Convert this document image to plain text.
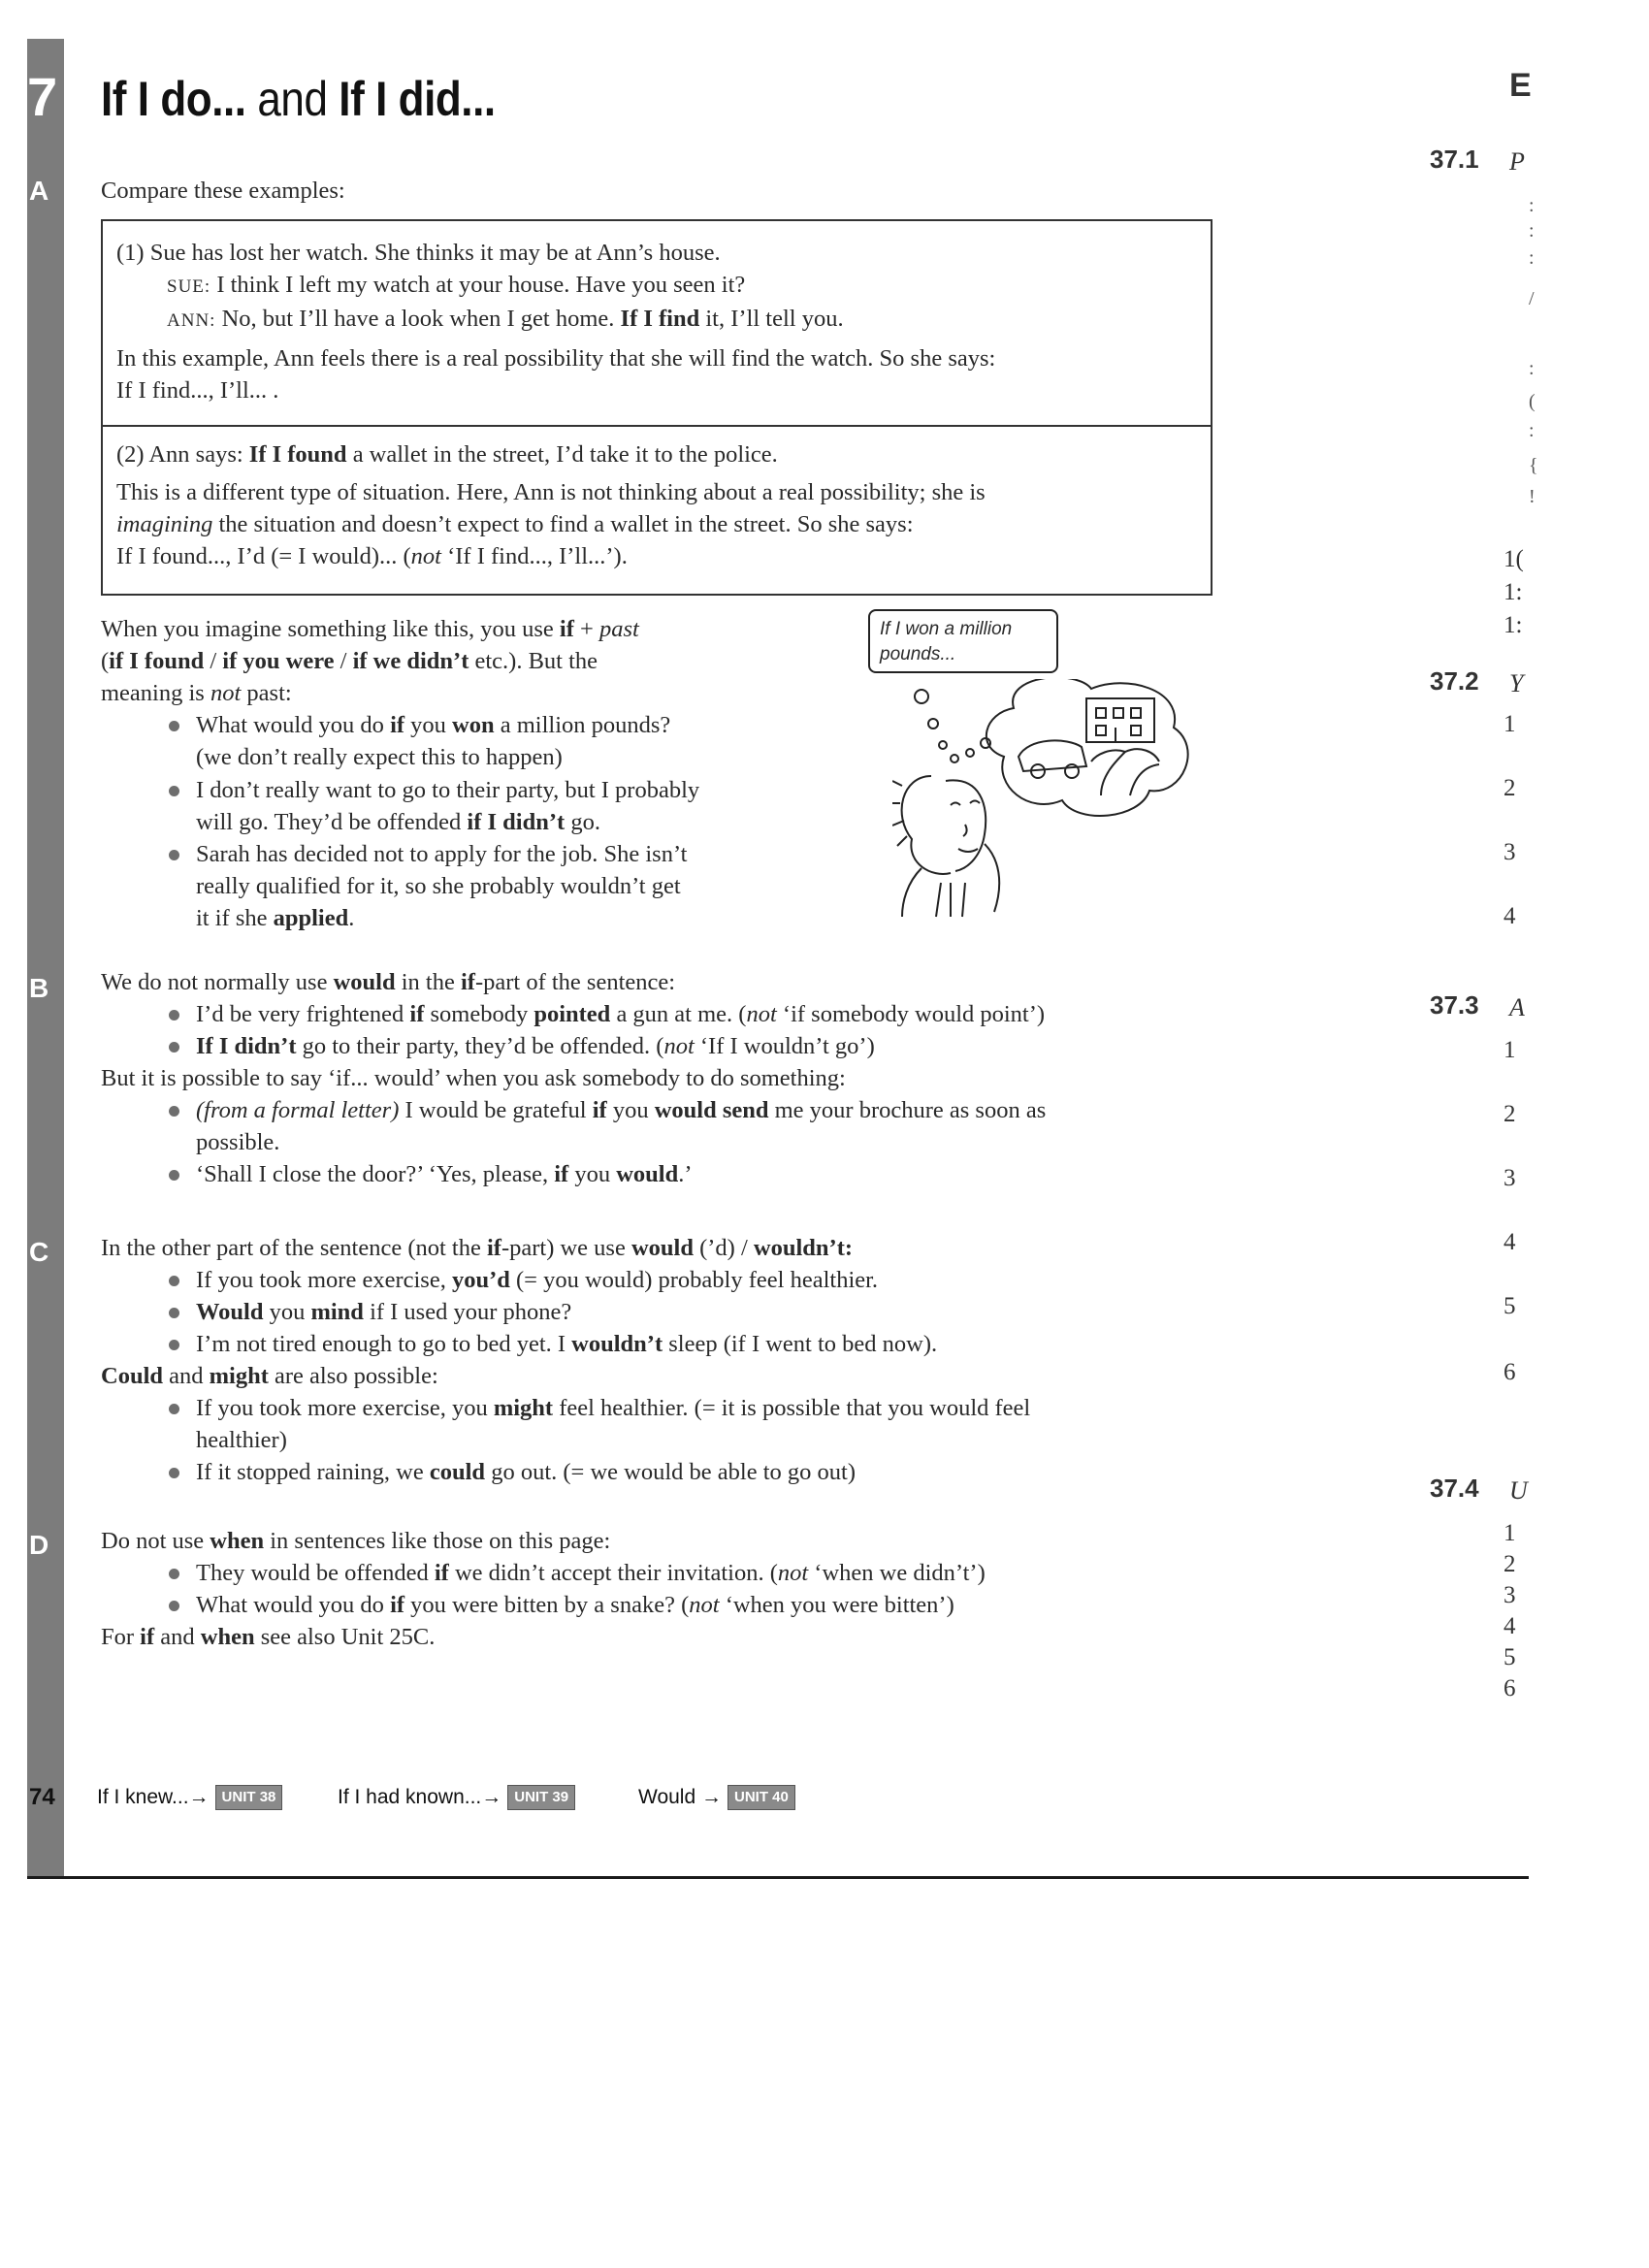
7
A
B
C
D
74
If I do... and If I did...
Compare these examples:
(1) Sue has lost her watch. She thinks it may be at Ann’s house.
SUE: I think I left my watch at your house. Have you seen it?
ANN: No, but I’ll have a look when I get home. If I find it, I’ll tell you.
In this example, Ann feels there is a real possibility that she will find the watch. So she says:
If I find..., I’ll... .
(2) Ann says: If I found a wallet in the street, I’d take it to the police.
This is a different type of situation. Here, Ann is not thinking about a real possibility; she is
imagining the situation and doesn’t expect to find a wallet in the street. So she says:
If I found..., I’d (= I would)... (not ‘If I find..., I’ll...’).
When you imagine something like this, you use if + past
(if I found / if you were / if we didn’t etc.). But the
meaning is not past:
What would you do if you won a million pounds?
(we don’t really expect this to happen)
I don’t really want to go to their party, but I probably
will go. They’d be offended if I didn’t go.
Sarah has decided not to apply for the job. She isn’t
really qualified for it, so she probably wouldn’t get
it if she applied.
If I won a million pounds...
We do not normally use would in the if-part of the sentence:
I’d be very frightened if somebody pointed a gun at me. (not ‘if somebody would point’)
If I didn’t go to their party, they’d be offended. (not ‘If I wouldn’t go’)
But it is possible to say ‘if... would’ when you ask somebody to do something:
(from a formal letter) I would be grateful if you would send me your brochure as soon as
possible.
‘Shall I close the door?’ ‘Yes, please, if you would.’
In the other part of the sentence (not the if-part) we use would (’d) / wouldn’t:
If you took more exercise, you’d (= you would) probably feel healthier.
Would you mind if I used your phone?
I’m not tired enough to go to bed yet. I wouldn’t sleep (if I went to bed now).
Could and might are also possible:
If you took more exercise, you might feel healthier. (= it is possible that you would feel
healthier)
If it stopped raining, we could go out. (= we would be able to go out)
Do not use when in sentences like those on this page:
They would be offended if we didn’t accept their invitation. (not ‘when we didn’t’)
What would you do if you were bitten by a snake? (not ‘when you were bitten’)
For if and when see also Unit 25C.
If I knew...→ UNIT 38	If I had known...→ UNIT 39	Would → UNIT 40
E
37.1 P
:
:
:
/
:
(
:
{
!
1(
1:
1:
37.2 Y
1
2
3
4
37.3 A
1
2
3
4
5
6
37.4 U
1
2
3
4
5
6
